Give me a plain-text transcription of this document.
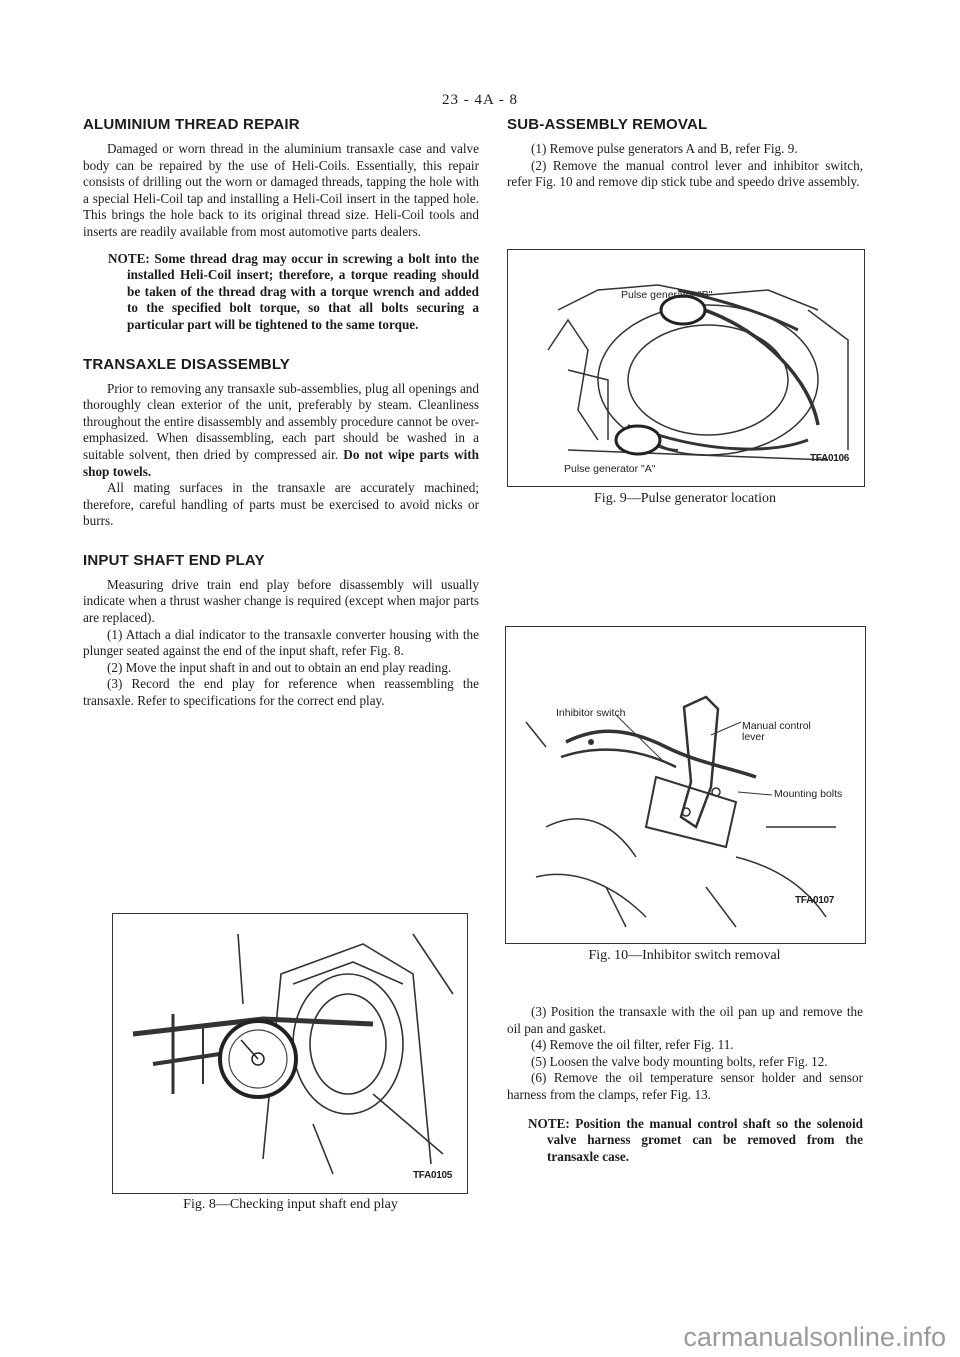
23 - 4A - 8
ALUMINIUM THREAD REPAIR

Damaged or worn thread in the aluminium transaxle case and valve body can be repaired by the use of Heli-Coils. Essentially, this repair consists of drilling out the worn or damaged threads, tapping the hole with a special Heli-Coil tap and installing a Heli-Coil insert in the tapped hole. This brings the hole back to its original thread size. Heli-Coil tools and inserts are readily available from most automotive parts dealers.

NOTE: Some thread drag may occur in screwing a bolt into the installed Heli-Coil insert; therefore, a torque reading should be taken of the thread drag with a torque wrench and added to the specified bolt torque, so that all bolts securing a particular part will be tightened to the same torque.

TRANSAXLE DISASSEMBLY

Prior to removing any transaxle sub-assemblies, plug all openings and thoroughly clean exterior of the unit, preferably by steam. Cleanliness throughout the entire disassembly and assembly procedure cannot be over-emphasized. When disassembling, each part should be washed in a suitable solvent, then dried by compressed air. Do not wipe parts with shop towels.

All mating surfaces in the transaxle are accurately machined; therefore, careful handling of parts must be exercised to avoid nicks or burrs.

INPUT SHAFT END PLAY

Measuring drive train end play before disassembly will usually indicate when a thrust washer change is required (except when major parts are replaced).

(1) Attach a dial indicator to the transaxle converter housing with the plunger seated against the end of the input shaft, refer Fig. 8.

(2) Move the input shaft in and out to obtain an end play reading.

(3) Record the end play for reference when reassembling the transaxle. Refer to specifications for the correct end play.

TFA0105
Fig. 8—Checking input shaft end play
SUB-ASSEMBLY REMOVAL

(1) Remove pulse generators A and B, refer Fig. 9.

(2) Remove the manual control lever and inhibitor switch, refer Fig. 10 and remove dip stick tube and speedo drive assembly.

Pulse generator "B"
Pulse generator "A"
TFA0106
Fig. 9—Pulse generator location
Inhibitor switch
Manual control
lever
Mounting bolts
TFA0107
Fig. 10—Inhibitor switch removal

(3) Position the transaxle with the oil pan up and remove the oil pan and gasket.

(4) Remove the oil filter, refer Fig. 11.

(5) Loosen the valve body mounting bolts, refer Fig. 12.

(6) Remove the oil temperature sensor holder and sensor harness from the clamps, refer Fig. 13.

NOTE: Position the manual control shaft so the solenoid valve harness gromet can be removed from the transaxle case.

carmanualsonline.info
